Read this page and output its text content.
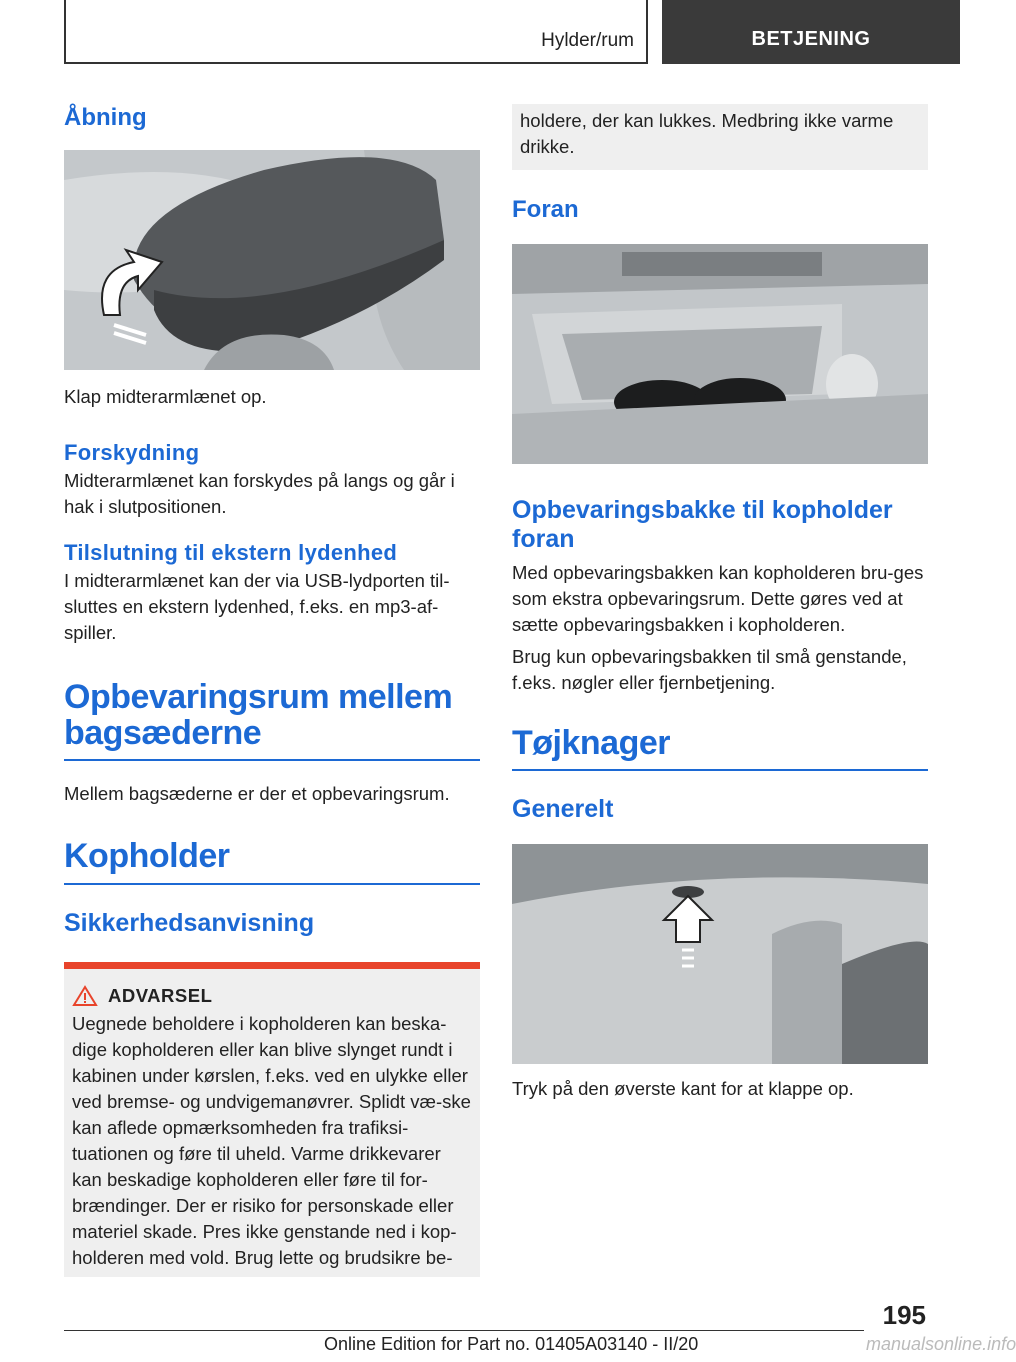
Hylder/rum	BETJENING
Åbning

Klap midterarmlænet op.

Forskydning

Midterarmlænet kan forskydes på langs og går i hak i slutpositionen.

Tilslutning til ekstern lydenhed

I midterarmlænet kan der via USB-lydporten til-sluttes en ekstern lydenhed, f.eks. en mp3-af-spiller.

Opbevaringsrum mellem bagsæderne

Mellem bagsæderne er der et opbevaringsrum.

Kopholder
Sikkerhedsanvisning
ADVARSEL

Uegnede beholdere i kopholderen kan beska-dige kopholderen eller kan blive slynget rundt i kabinen under kørslen, f.eks. ved en ulykke eller ved bremse- og undvigemanøvrer. Splidt væ-ske kan aflede opmærksomheden fra trafiksi-tuationen og føre til uheld. Varme drikkevarer kan beskadige kopholderen eller føre til for-brændinger. Der er risiko for personskade eller materiel skade. Pres ikke genstande ned i kop-holderen med vold. Brug lette og brudsikre be-

holdere, der kan lukkes. Medbring ikke varme drikke.

Foran
Opbevaringsbakke til kopholder foran

Med opbevaringsbakken kan kopholderen bru-ges som ekstra opbevaringsrum. Dette gøres ved at sætte opbevaringsbakken i kopholderen.

Brug kun opbevaringsbakken til små genstande, f.eks. nøgler eller fjernbetjening.

Tøjknager
Generelt

Tryk på den øverste kant for at klappe op.

195
Online Edition for Part no. 01405A03140 - II/20	manualsonline.info
